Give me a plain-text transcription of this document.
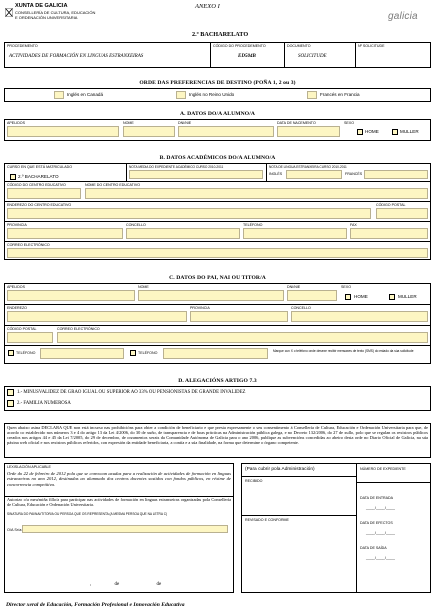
XUNTA DE GALICIA
CONSELLERÍA DE CULTURA, EDUCACIÓN
E ORDENACIÓN UNIVERSITARIA
ANEXO I
galicia
2.º BACHARELATO
PROCEDEMENTO
ACTIVIDADES DE FORMACIÓN EN LINGUAS ESTRANXEIRAS
CÓDIGO DO PROCEDEMENTO
ED504B
DOCUMENTO
SOLICITUDE
Nº SOLICITUDE
ORDE DAS PREFERENCIAS DE DESTINO (POÑA 1, 2 ou 3)
Inglés en Canadá	Inglés no Reino Unido	Francés en Francia
A. DATOS DO/A ALUMNO/A
APELIDOS	NOME	DNI/NIE	DATA DE NACEMENTO	SEXO
HOME	MULLER
B. DATOS ACADÉMICOS DO/A ALUMNO/A
CURSO EN QUE ESTÁ MATRICULADO
2.º BACHARELATO
NOTA MEDIA DO EXPEDIENTE ACADÉMICO CURSO 2010-2011	NOTA DE LINGUA ESTRANXEIRA CURSO 2010-2011
INGLÉS	FRANCÉS
CÓDIGO DO CENTRO EDUCATIVO	NOME DO CENTRO EDUCATIVO
ENDEREZO DO CENTRO EDUCATIVO	CÓDIGO POSTAL
PROVINCIA	CONCELLO	TELÉFONO	FAX
CORREO ELECTRÓNICO
C. DATOS DO PAI, NAI OU TITOR/A
APELIDOS	NOME	DNI/NIE	SEXO
HOME	MULLER
ENDEREZO	PROVINCIA	CONCELLO
CÓDIGO POSTAL	CORREO ELECTRÓNICO
TELÉFONO	TELÉFONO	Marque cun X o teléfono onde desexe recibir mensaxes de texto (SMS) do estado da súa solicitude
D. ALEGACIÓNS ARTIGO 7.3
1.- MINUSVALIDEZ DE GRAO IGUAL OU SUPERIOR AO 33% OU PENSIONISTAS DE GRANDE INVALIDEZ
2.- FAMILIA NUMEROSA
Quen abaixo asina DECLARA QUE non está incurso nas prohibicións para obter a condición de beneficiario e que presta expresamente o seu consentimento á Consellería de Cultura, Educación e Ordenación Universitaria para que, de acordo co establecido nos números 3 e 4 do artigo 13 da Lei 4/2006, do 30 de xuño, de transparencia e de boas prácticas na Administración pública galega, e no Decreto 132/2006, do 27 de xullo, polo que se regulan os rexistros públicos creados nos artigos 44 e 45 da Lei 7/2005, do 29 de decembro, de orzamentos xerais da Comunidade Autónoma de Galicia para o ano 2006, publique as subvencións concedidas ao abeiro desta orde no Diario Oficial de Galicia, na súa páxina web oficial e nos rexistros públicos referidos, con expresión da entidade beneficiaria, a contía e a súa finalidade, na forma que determine o órgano competente.
LEXISLACIÓN APLICABLE
Orde do 22 de febreiro de 2012 pola que se convocan axudas para a realización de actividades de formación en linguas estranxeiras no ano 2012, destinadas ao alumnado dos centros docentes sostidos con fondos públicos, en réxime de concorrencia competitiva.
Autorizo o/a meu/miña fillo/a para participar nas actividades de formación en linguas estranxeiras organizadas pola Consellería de Cultura, Educación e Ordenación Universitaria.
SINATURA DO PAI/NAI/TITOR/A OU PERSOA QUE OS REPRESENTA (A MESMA PERSOA QUE NA LETRA C)
O/A Sr/a:
,	de	de
(Para cubrir pola Administración)
RECIBIDO
REVISADO E CONFORME
NÚMERO DE EXPEDIENTE
DATA DE ENTRADA
____/____/____
DATA DE EFECTOS
____/____/____
DATA DE SAÍDA
____/____/____
Director xeral de Educación, Formación Profesional e Innovación Educativa
